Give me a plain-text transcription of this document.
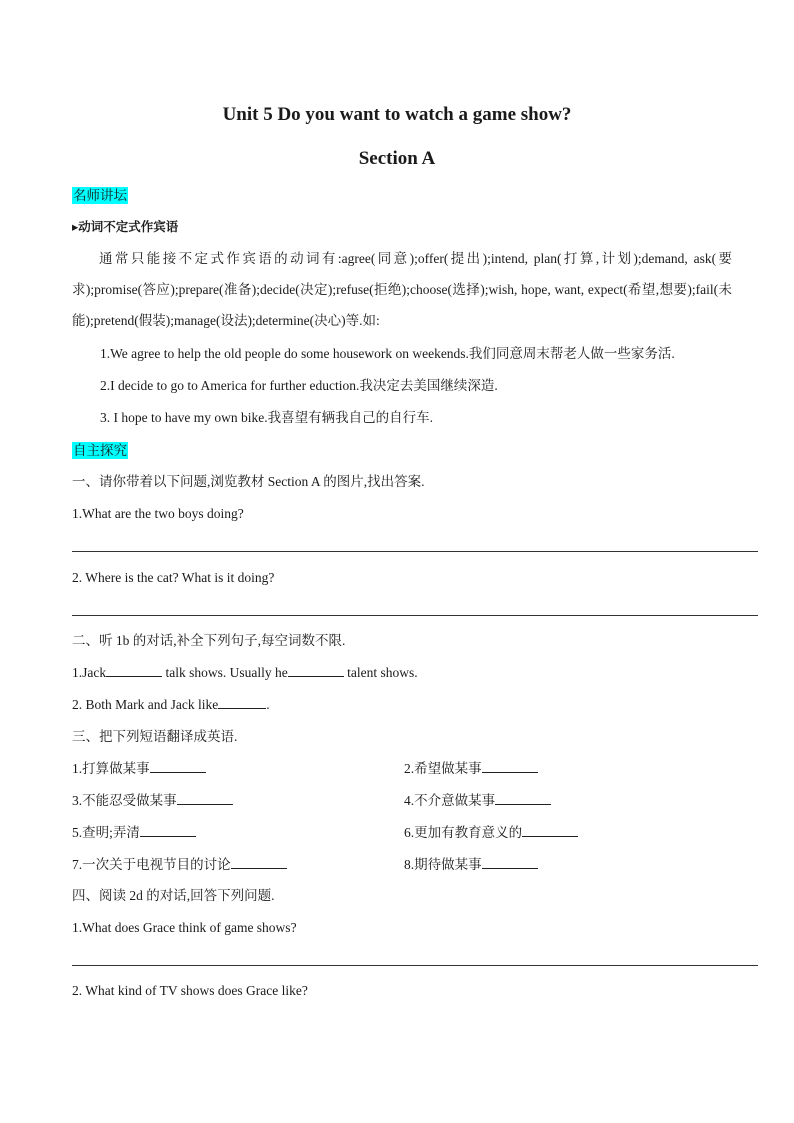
Unit 5 Do you want to watch a game show?
Section A
名师讲坛
▸动词不定式作宾语
通常只能接不定式作宾语的动词有:agree(同意);offer(提出);intend, plan(打算,计划);demand, ask(要求);promise(答应);prepare(准备);decide(决定);refuse(拒绝);choose(选择);wish, hope, want, expect(希望,想要);fail(未能);pretend(假装);manage(设法);determine(决心)等.如:
1.We agree to help the old people do some housework on weekends.我们同意周末帮老人做一些家务活.
2.I decide to go to America for further eduction.我决定去美国继续深造.
3. I hope to have my own bike.我喜望有辆我自己的自行车.
自主探究
一、请你带着以下问题,浏览教材 Section A 的图片,找出答案.
1.What are the two boys doing?
2. Where is the cat? What is it doing?
二、听 1b 的对话,补全下列句子,每空词数不限.
1.Jack	talk shows. Usually he	talent shows.
2. Both Mark and Jack like	.
三、把下列短语翻译成英语.
1.打算做某事	2.希望做某事
3.不能忍受做某事	4.不介意做某事
5.查明;弄清	6.更加有教育意义的
7.一次关于电视节目的讨论	8.期待做某事
四、阅读 2d 的对话,回答下列问题.
1.What does Grace think of game shows?
2. What kind of TV shows does Grace like?
